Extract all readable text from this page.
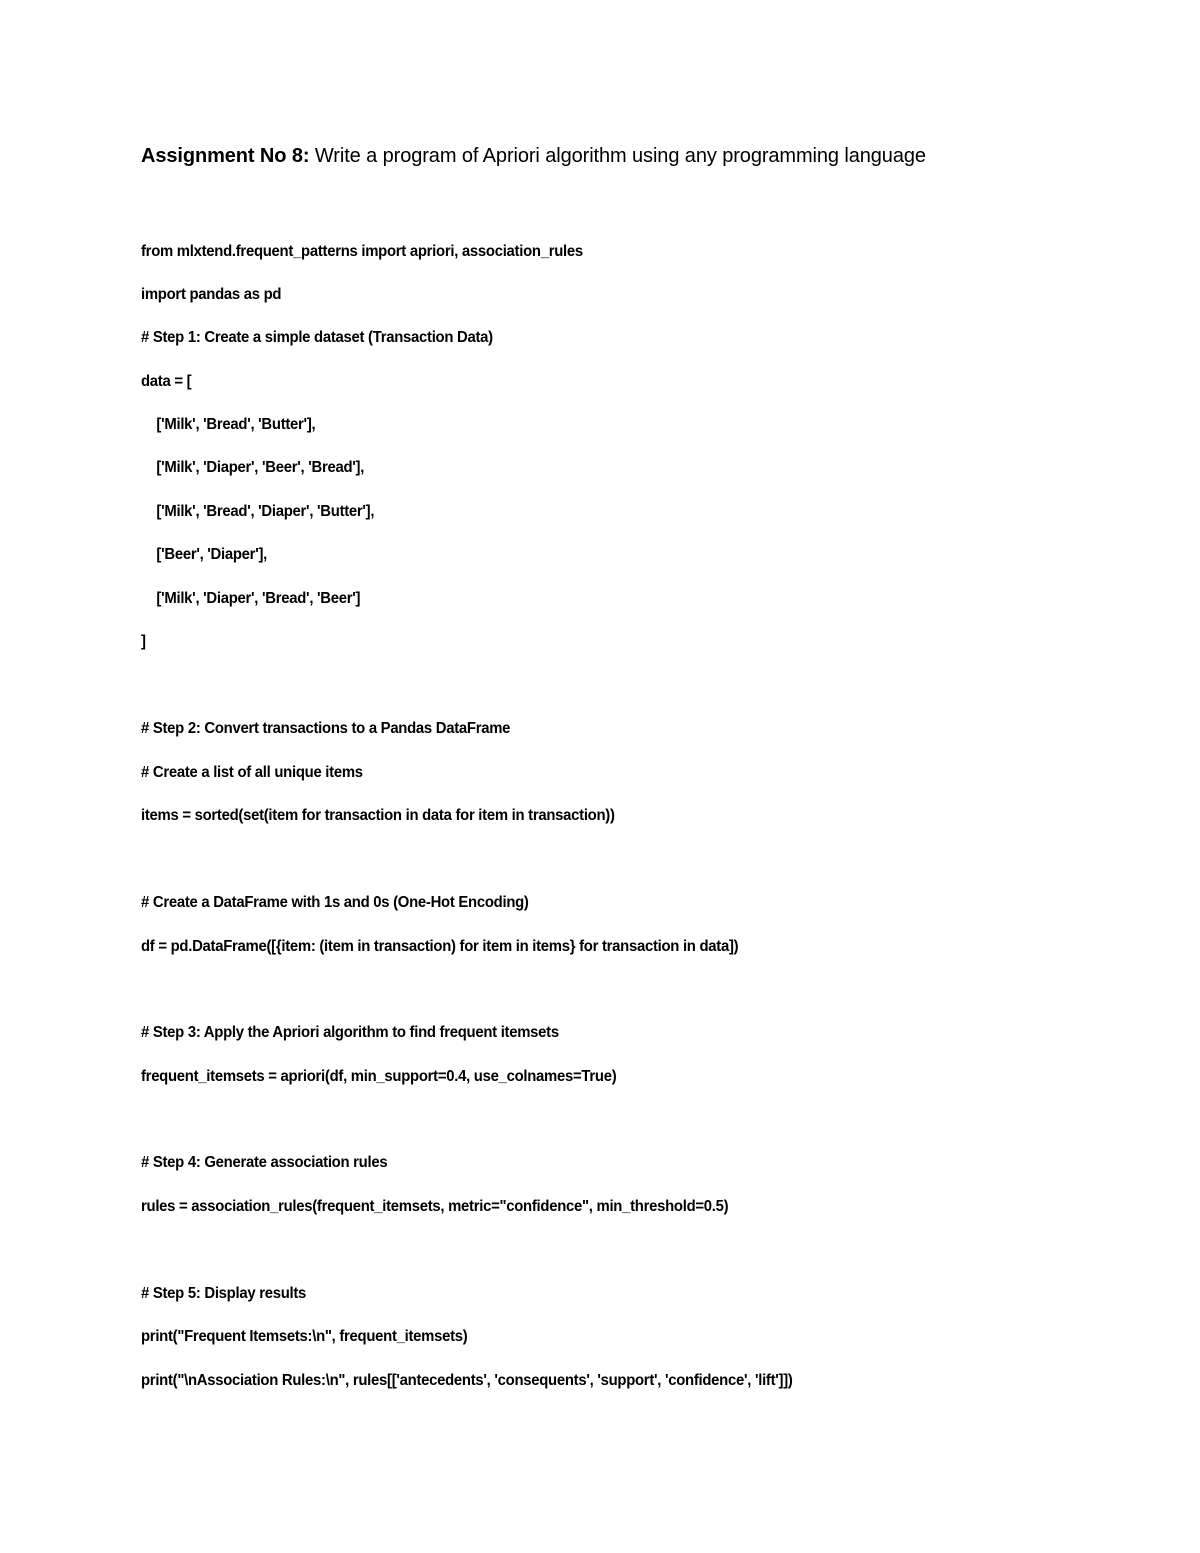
Assignment No 8: Write a program of Apriori algorithm using any programming language
from mlxtend.frequent_patterns import apriori, association_rules
import pandas as pd
# Step 1: Create a simple dataset (Transaction Data)
data = [
['Milk', 'Bread', 'Butter'],
['Milk', 'Diaper', 'Beer', 'Bread'],
['Milk', 'Bread', 'Diaper', 'Butter'],
['Beer', 'Diaper'],
['Milk', 'Diaper', 'Bread', 'Beer']
]
# Step 2: Convert transactions to a Pandas DataFrame
# Create a list of all unique items
items = sorted(set(item for transaction in data for item in transaction))
# Create a DataFrame with 1s and 0s (One-Hot Encoding)
df = pd.DataFrame([{item: (item in transaction) for item in items} for transaction in data])
# Step 3: Apply the Apriori algorithm to find frequent itemsets
frequent_itemsets = apriori(df, min_support=0.4, use_colnames=True)
# Step 4: Generate association rules
rules = association_rules(frequent_itemsets, metric="confidence", min_threshold=0.5)
# Step 5: Display results
print("Frequent Itemsets:\n", frequent_itemsets)
print("\nAssociation Rules:\n", rules[['antecedents', 'consequents', 'support', 'confidence', 'lift']])
